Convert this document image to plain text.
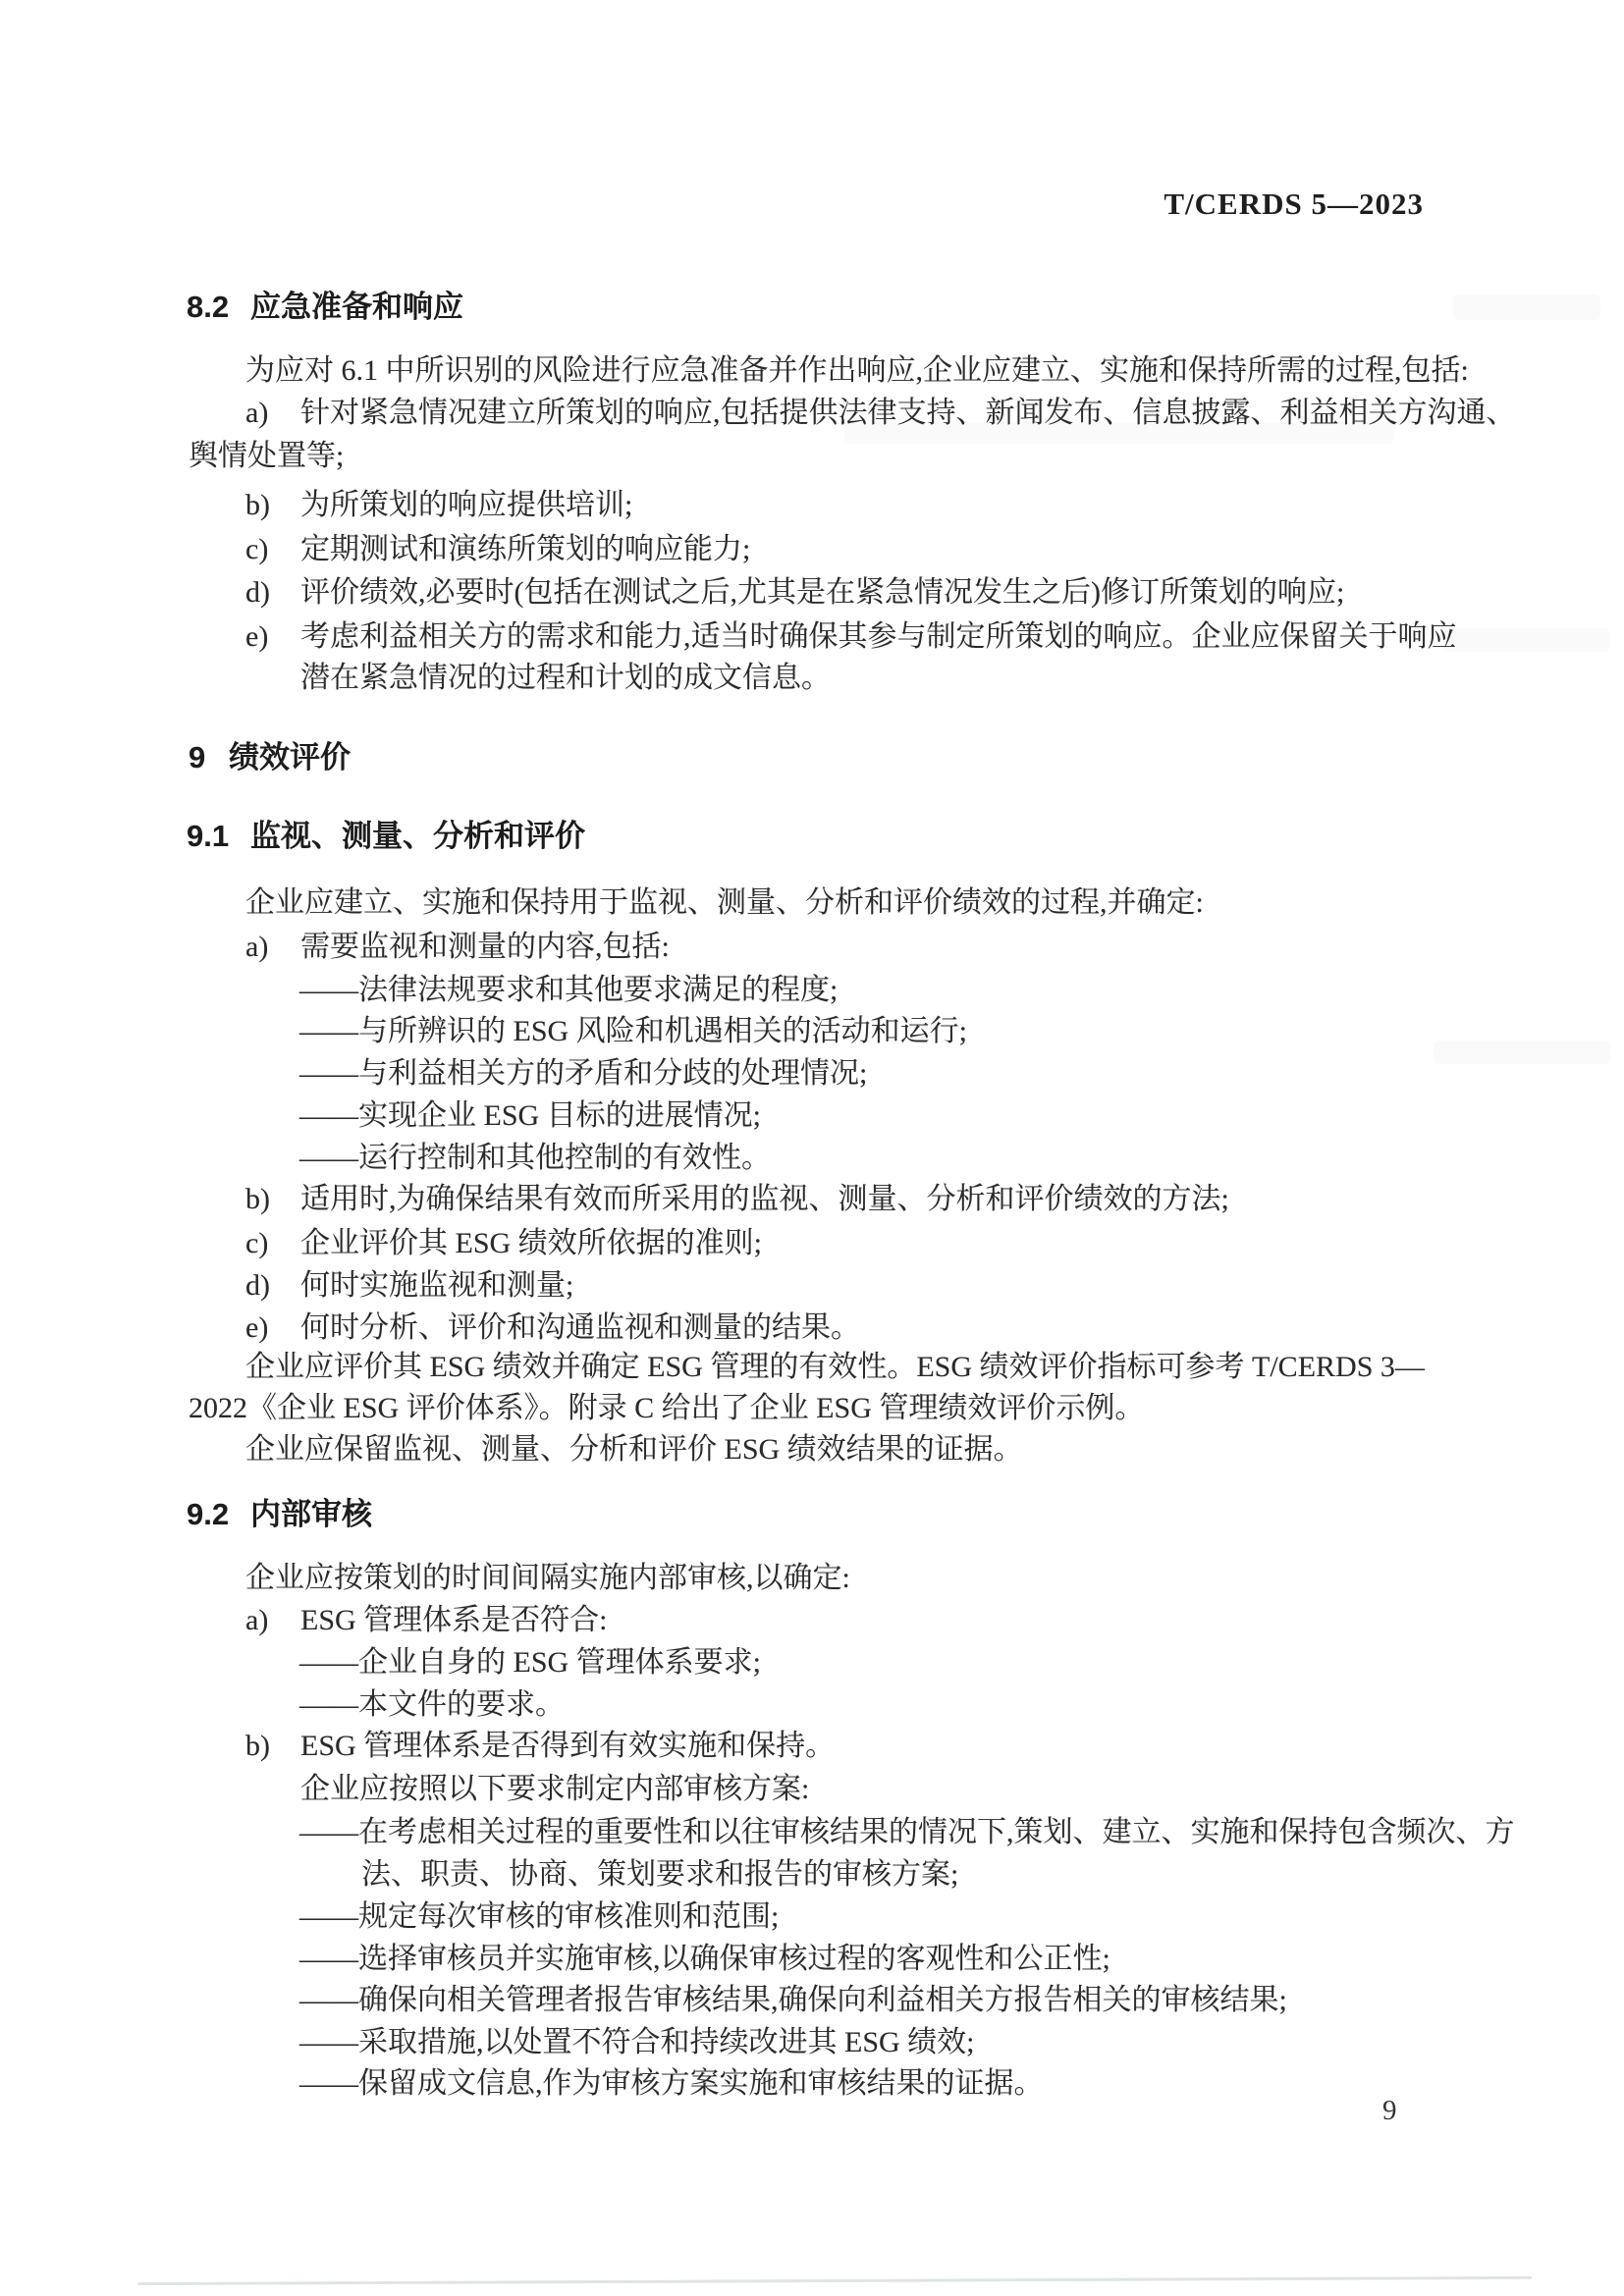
T/CERDS 5—2023
8.2 应急准备和响应
为应对 6.1 中所识别的风险进行应急准备并作出响应,企业应建立、实施和保持所需的过程,包括:
a) 针对紧急情况建立所策划的响应,包括提供法律支持、新闻发布、信息披露、利益相关方沟通、
舆情处置等;
b) 为所策划的响应提供培训;
c) 定期测试和演练所策划的响应能力;
d) 评价绩效,必要时(包括在测试之后,尤其是在紧急情况发生之后)修订所策划的响应;
e) 考虑利益相关方的需求和能力,适当时确保其参与制定所策划的响应。企业应保留关于响应
潜在紧急情况的过程和计划的成文信息。
9 绩效评价
9.1 监视、测量、分析和评价
企业应建立、实施和保持用于监视、测量、分析和评价绩效的过程,并确定:
a) 需要监视和测量的内容,包括:
——法律法规要求和其他要求满足的程度;
——与所辨识的 ESG 风险和机遇相关的活动和运行;
——与利益相关方的矛盾和分歧的处理情况;
——实现企业 ESG 目标的进展情况;
——运行控制和其他控制的有效性。
b) 适用时,为确保结果有效而所采用的监视、测量、分析和评价绩效的方法;
c) 企业评价其 ESG 绩效所依据的准则;
d) 何时实施监视和测量;
e) 何时分析、评价和沟通监视和测量的结果。
企业应评价其 ESG 绩效并确定 ESG 管理的有效性。ESG 绩效评价指标可参考 T/CERDS 3—
2022《企业 ESG 评价体系》。附录 C 给出了企业 ESG 管理绩效评价示例。
企业应保留监视、测量、分析和评价 ESG 绩效结果的证据。
9.2 内部审核
企业应按策划的时间间隔实施内部审核,以确定:
a) ESG 管理体系是否符合:
——企业自身的 ESG 管理体系要求;
——本文件的要求。
b) ESG 管理体系是否得到有效实施和保持。
企业应按照以下要求制定内部审核方案:
——在考虑相关过程的重要性和以往审核结果的情况下,策划、建立、实施和保持包含频次、方
法、职责、协商、策划要求和报告的审核方案;
——规定每次审核的审核准则和范围;
——选择审核员并实施审核,以确保审核过程的客观性和公正性;
——确保向相关管理者报告审核结果,确保向利益相关方报告相关的审核结果;
——采取措施,以处置不符合和持续改进其 ESG 绩效;
——保留成文信息,作为审核方案实施和审核结果的证据。
9
